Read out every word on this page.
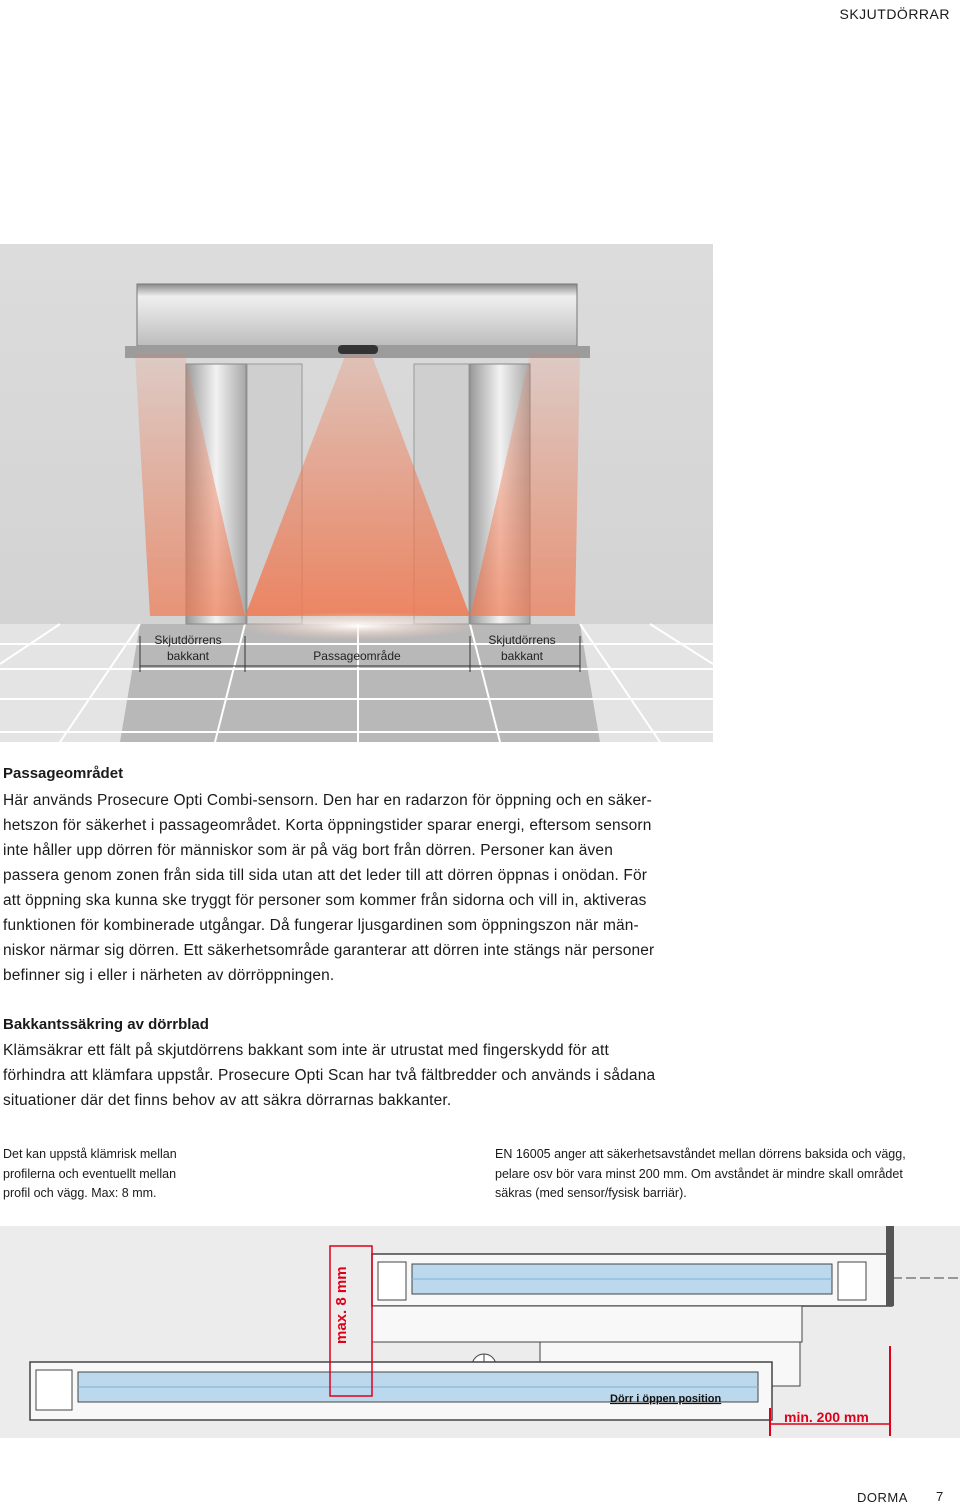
SKJUTDÖRRAR
Skjutdörrens
bakkant	Passageområde
Skjutdörrens
bakkant
Passageområdet
Här används Prosecure Opti Combi-sensorn. Den har en radarzon för öppning och en säker-
hetszon för säkerhet i passageområdet. Korta öppningstider sparar energi, eftersom sensorn
inte håller upp dörren för människor som är på väg bort från dörren. Personer kan även
passera genom zonen från sida till sida utan att det leder till att dörren öppnas i onödan. För
att öppning ska kunna ske tryggt för personer som kommer från sidorna och vill in, aktiveras
funktionen för kombinerade utgångar. Då fungerar ljusgardinen som öppningszon när män-
niskor närmar sig dörren. Ett säkerhetsområde garanterar att dörren inte stängs när personer
befinner sig i eller i närheten av dörröppningen.
Bakkantssäkring av dörrblad
Klämsäkrar ett fält på skjutdörrens bakkant som inte är utrustat med fingerskydd för att
förhindra att klämfara uppstår. Prosecure Opti Scan har två fältbredder och används i sådana
situationer där det finns behov av att säkra dörrarnas bakkanter.
Det kan uppstå klämrisk mellan
profilerna och eventuellt mellan
profil och vägg. Max: 8 mm.
EN 16005 anger att säkerhetsavståndet mellan dörrens baksida och vägg,
pelare osv bör vara minst 200 mm. Om avståndet är mindre skall området
säkras (med sensor/fysisk barriär).
max. 8 mm
min. 200 mm
Dörr i öppen position
DORMA 7
